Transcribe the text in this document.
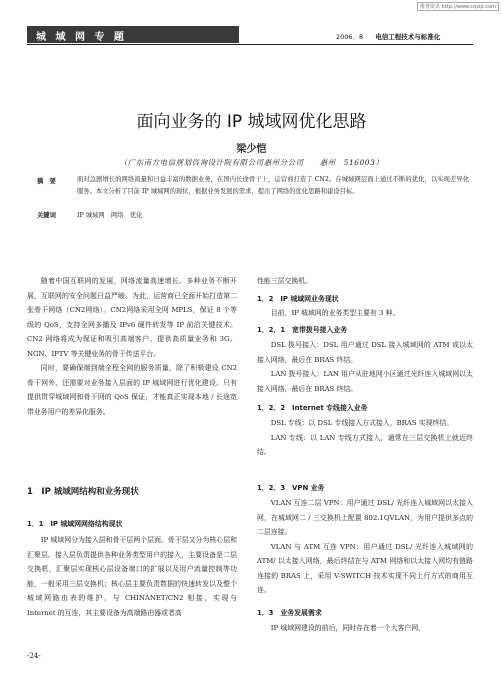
维普资讯 http://www.cqvip.com
城 域 网 专 题	2006．8 电信工程技术与标准化
面向业务的 IP 城域网优化思路
梁少恺
（广东南方电信规划咨询设计院有限公司惠州分公司　　惠州　516003）
摘　要	面对急剧增长的网络流量和日益丰富的数据业务，在国内长途骨干上，运营商打造了 CN2。在城域网层面上通过不断的优化，以实现差异化服务。本文分析了目前 IP 城域网的现状，根据业务发展的需求，提出了网络的优化思路和建设目标。
关键词	IP 城域网　网络　优化

随着中国互联网的发展，网络流量高速增长、多种业务不断开展，互联网的安全问题日益严峻。为此，运营商已全面开始打造第二张骨干网络（CN2网络）。CN2网络采用全网 MPLS，保证 8 个等级的 QoS，支持全网多播及 IPv6 硬件转发等 IP 前沿关键技术。CN2 网络将成为保证和吸引高端客户、提供高质量业务和 3G、NGN、IPTV 等关键业务的骨干传送平台。

同时，要确保端到端全程全网的服务质量，除了积极建设 CN2 骨干网外，还需要对业务接入层面的 IP 城域网进行优化建设。只有提供贯穿城域网和骨干网的 QoS 保证，才能真正实现本地 / 长途宽带业务用户的差异化服务。

1　IP 城域网结构和业务现状
1．1　IP 城域网网络结构现状

IP 城域网分为接入层和骨干层两个层面。骨干层又分为核心层和汇聚层。接入层负责提供各种业务类型用户的接入，主要设备是二层交换机，汇聚层实现核心层设备端口的扩展以及用户流量控制等功能，一般采用三层交换机；核心层主要负责数据的快速转发以及整个城域网路由表的维护，与 CHINANET/CN2 相接，实现与 Internet 的互连，其主要设备为高端路由器或者高

性能三层交换机。

1．2　IP 城域网业务现状

目前，IP 城域网的业务类型主要有 3 种。

1．2．1　宽带拨号接入业务

DSL 拨号接入：DSL 用户通过 DSL 接入城域网的 ATM 或以太接入网络，最后在 BRAS 终结。

LAN 拨号接入：LAN 用户从驻地网小区通过光纤连入城域网以太接入网络，最后在 BRAS 终结。

1．2．2　Internet 专线接入业务

DSL 专线：以 DSL 专线接入方式接入，BRAS 实现终结。

LAN 专线：以 LAN 专线方式接入，通常在三层交换机上就近终结。

1．2．3　VPN 业务

VLAN 互连二层 VPN：用户通过 DSL/ 光纤连入城域网以太接入网，在城域网二 / 三交换机上配置 802.1QVLAN，为用户提供多点的二层连接。

VLAN 与 ATM 互连 VPN：用户通过 DSL/ 光纤连入城域网的 ATM/ 以太接入网络，最后终结在与 ATM 网络和以太接入网均有链路连接的 BRAS 上，采用 V-SWITCH 技术实现不同上行方式的商用互连。

1．3　业务发展需求

IP 城域网建设的前后，同时存在着一个大客户网，

-24-
